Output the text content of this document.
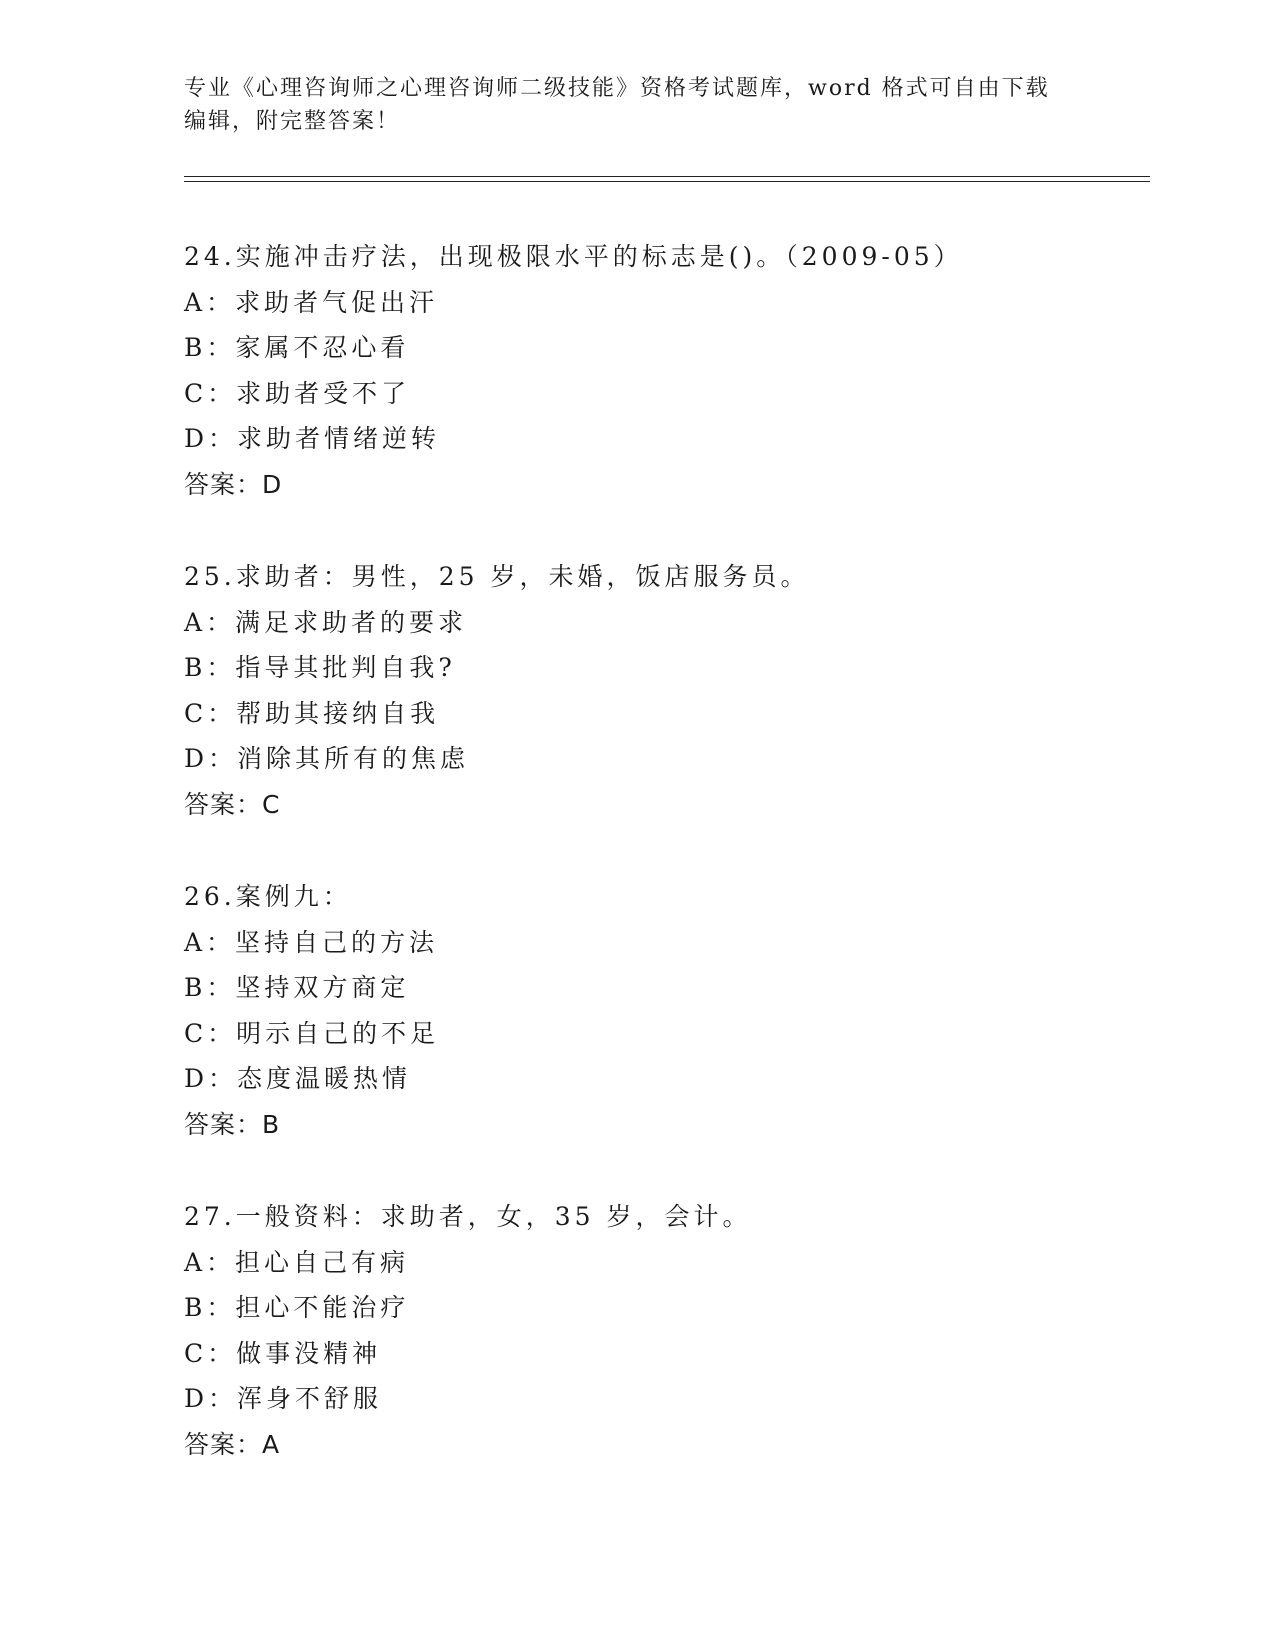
专业《心理咨询师之心理咨询师二级技能》资格考试题库，word 格式可自由下载
编辑，附完整答案！
24.实施冲击疗法，出现极限水平的标志是()。（2009-05）
A：求助者气促出汗
B：家属不忍心看
C：求助者受不了
D：求助者情绪逆转
答案：D
25.求助者：男性，25 岁，未婚，饭店服务员。
A：满足求助者的要求
B：指导其批判自我?
C：帮助其接纳自我
D：消除其所有的焦虑
答案：C
26.案例九：
A：坚持自己的方法
B：坚持双方商定
C：明示自己的不足
D：态度温暖热情
答案：B
27.一般资料：求助者，女，35 岁，会计。
A：担心自己有病
B：担心不能治疗
C：做事没精神
D：浑身不舒服
答案：A
